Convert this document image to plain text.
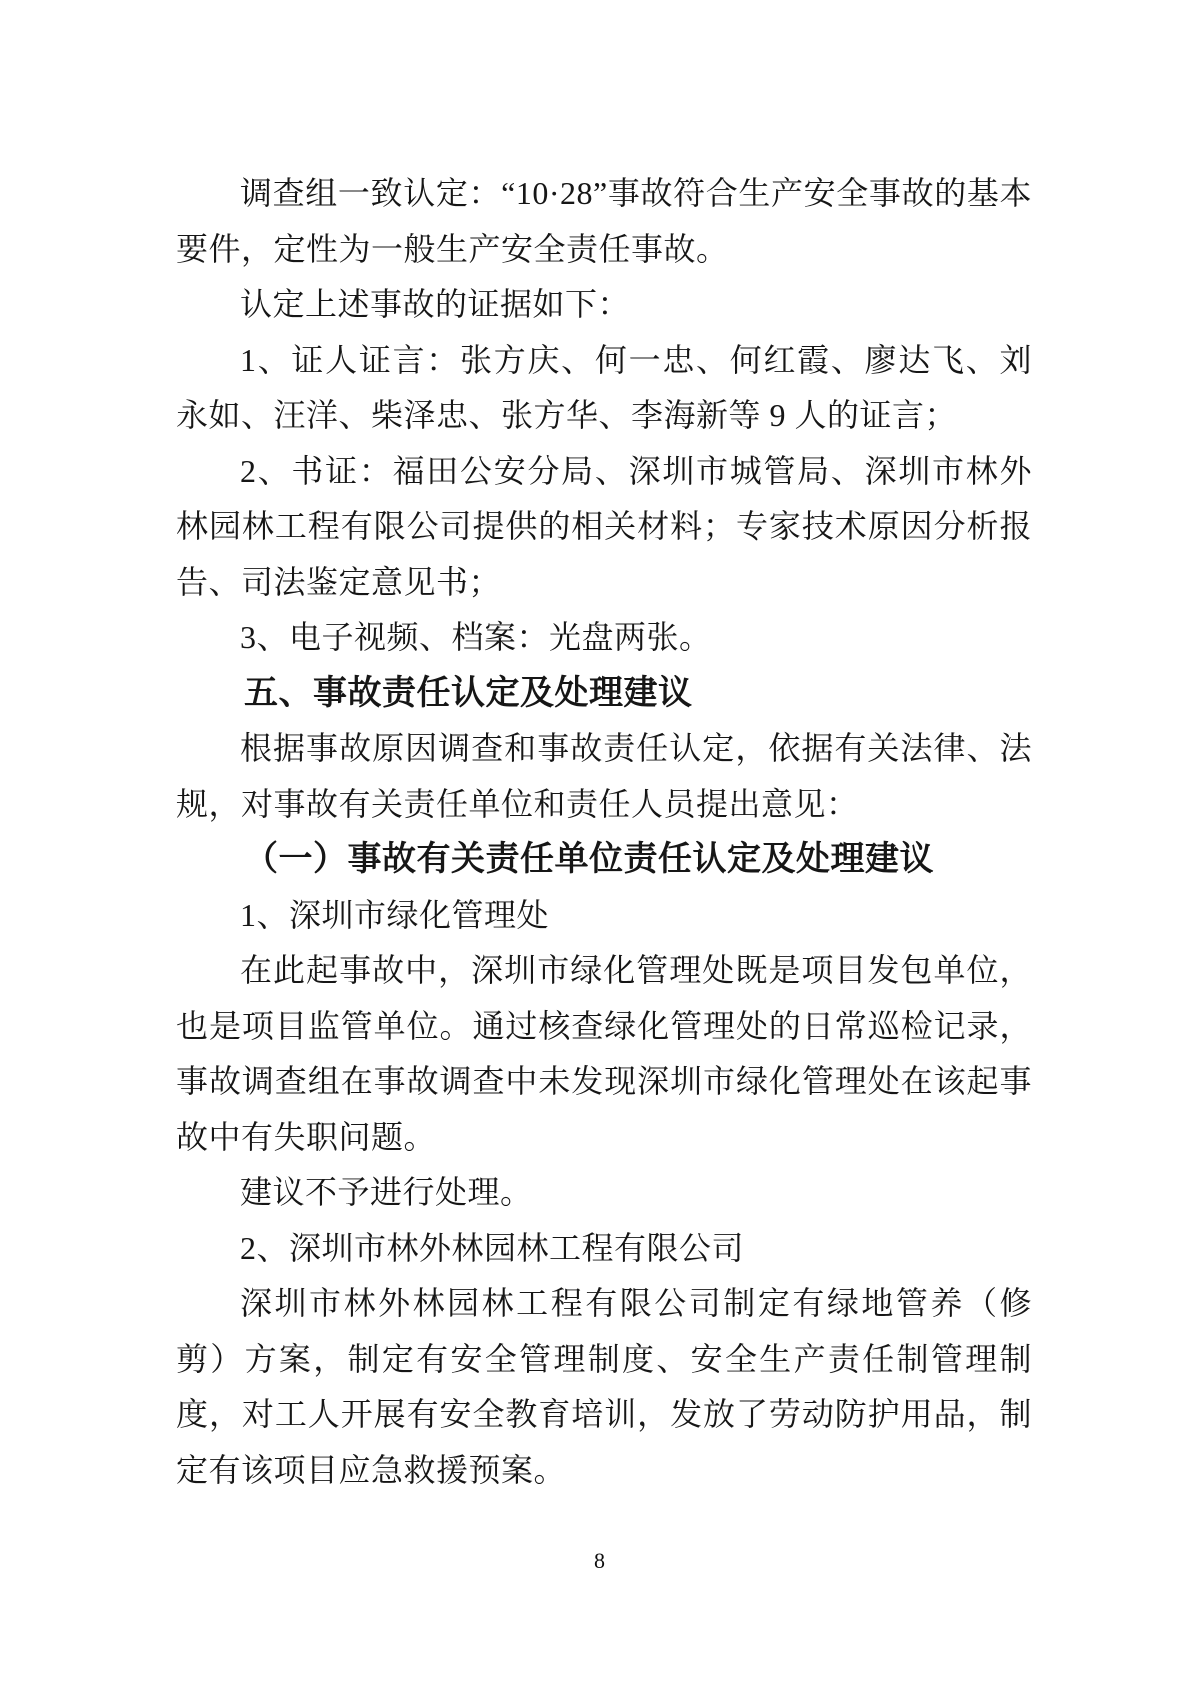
调查组一致认定：“10·28”事故符合生产安全事故的基本要件，定性为一般生产安全责任事故。

认定上述事故的证据如下：

1、证人证言：张方庆、何一忠、何红霞、廖达飞、刘永如、汪洋、柴泽忠、张方华、李海新等 9 人的证言；

2、书证：福田公安分局、深圳市城管局、深圳市林外林园林工程有限公司提供的相关材料；专家技术原因分析报告、司法鉴定意见书；

3、电子视频、档案：光盘两张。

五、事故责任认定及处理建议

根据事故原因调查和事故责任认定，依据有关法律、法规，对事故有关责任单位和责任人员提出意见：

（一）事故有关责任单位责任认定及处理建议

1、深圳市绿化管理处

在此起事故中，深圳市绿化管理处既是项目发包单位，也是项目监管单位。通过核查绿化管理处的日常巡检记录，事故调查组在事故调查中未发现深圳市绿化管理处在该起事故中有失职问题。

建议不予进行处理。

2、深圳市林外林园林工程有限公司

深圳市林外林园林工程有限公司制定有绿地管养（修剪）方案，制定有安全管理制度、安全生产责任制管理制度，对工人开展有安全教育培训，发放了劳动防护用品，制定有该项目应急救援预案。

8
